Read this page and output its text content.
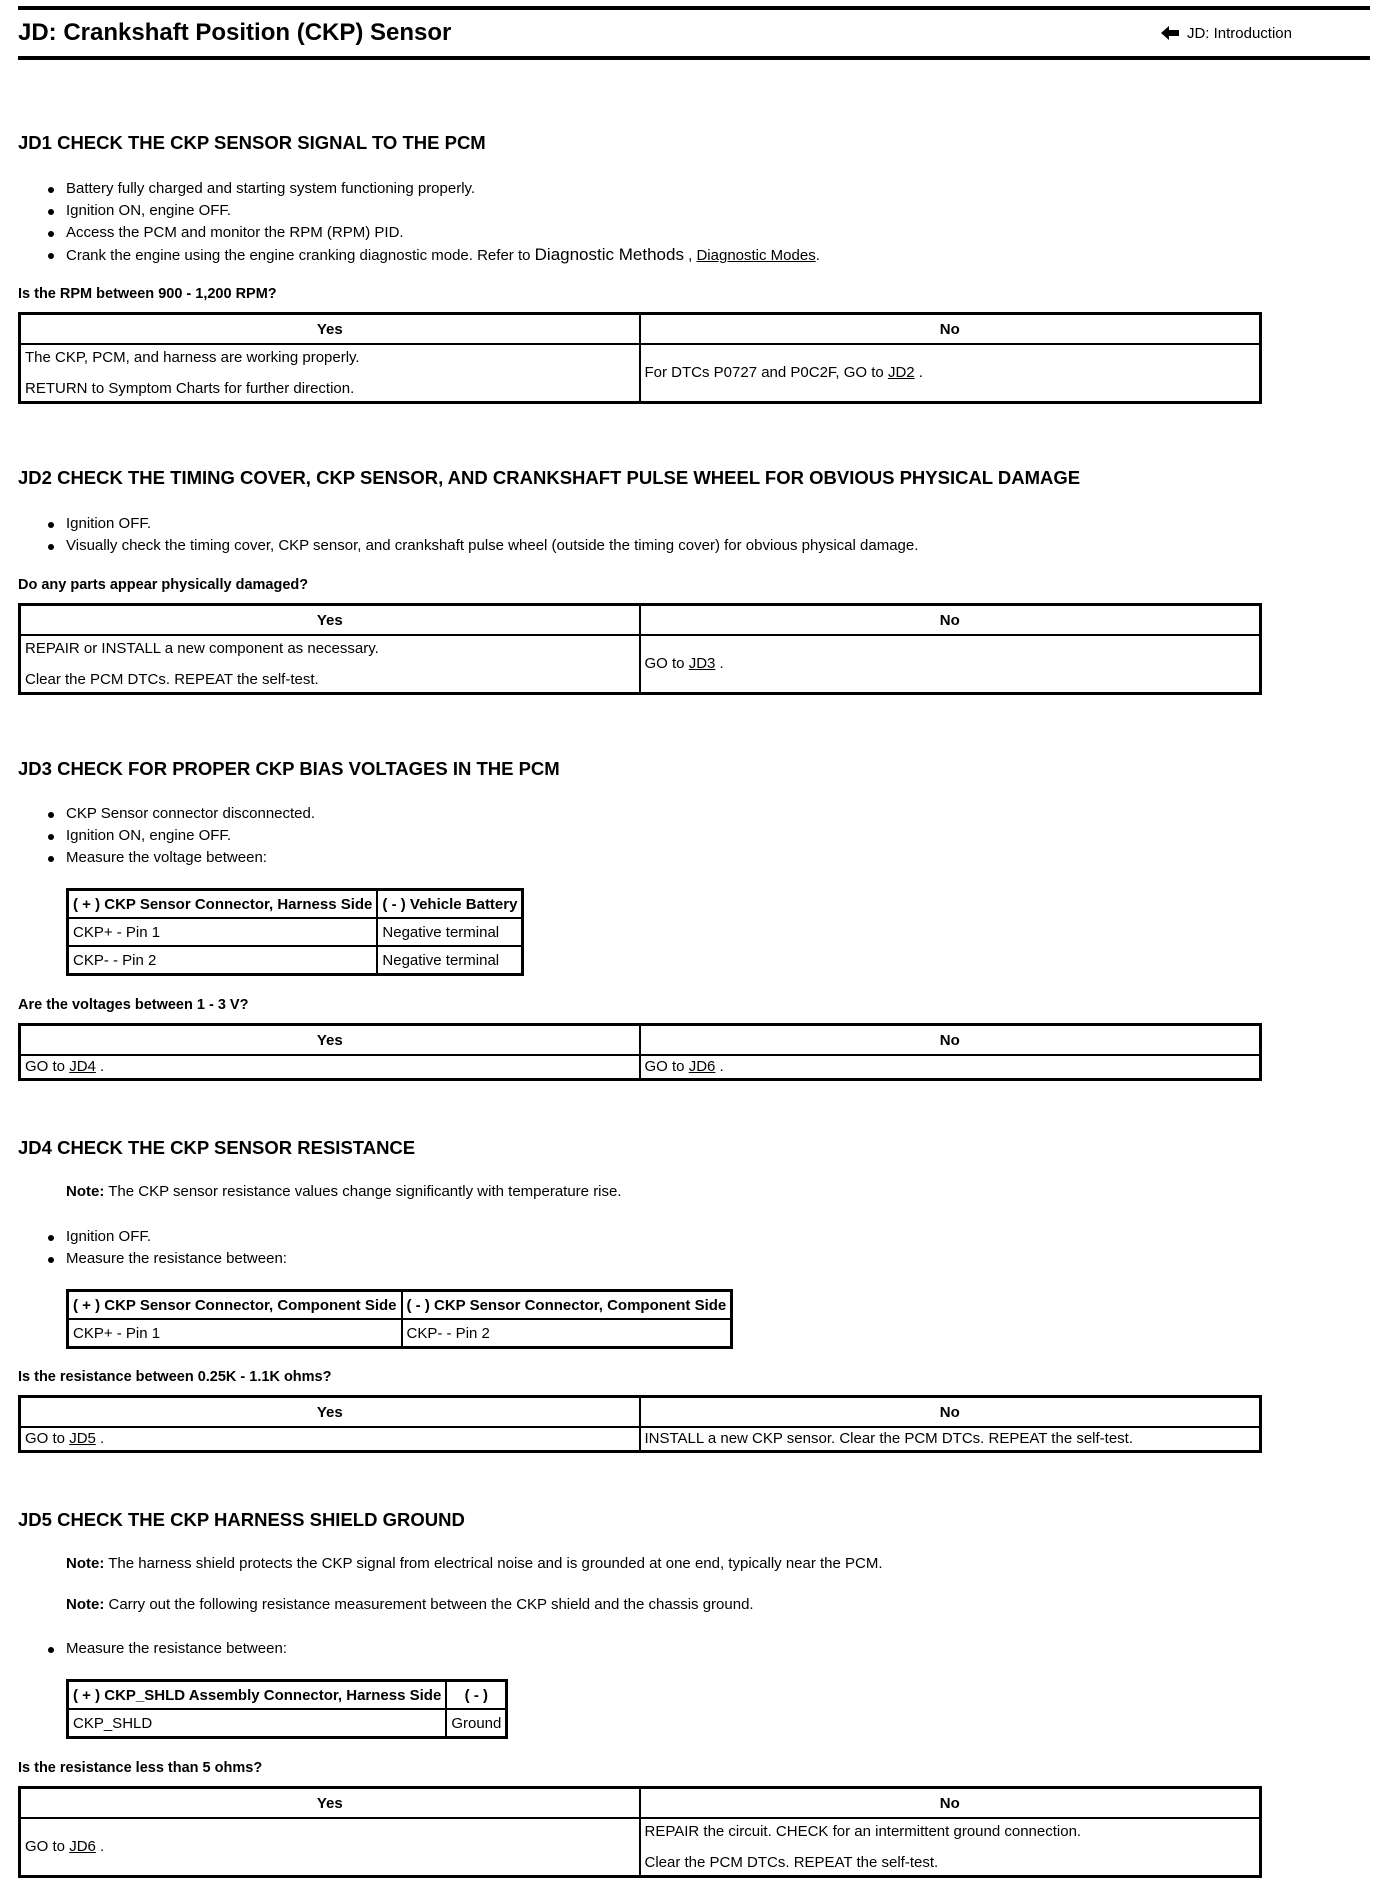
JD: Crankshaft Position (CKP) Sensor	JD: Introduction
JD1 CHECK THE CKP SENSOR SIGNAL TO THE PCM
Battery fully charged and starting system functioning properly.
Ignition ON, engine OFF.
Access the PCM and monitor the RPM (RPM) PID.
Crank the engine using the engine cranking diagnostic mode. Refer to Diagnostic Methods , Diagnostic Modes.
Is the RPM between 900 - 1,200 RPM?
Yes	No

The CKP, PCM, and harness are working properly.
RETURN to Symptom Charts for further direction.	For DTCs P0727 and P0C2F, GO to JD2 .
JD2 CHECK THE TIMING COVER, CKP SENSOR, AND CRANKSHAFT PULSE WHEEL FOR OBVIOUS PHYSICAL DAMAGE
Ignition OFF.
Visually check the timing cover, CKP sensor, and crankshaft pulse wheel (outside the timing cover) for obvious physical damage.
Do any parts appear physically damaged?
Yes	No

REPAIR or INSTALL a new component as necessary.
Clear the PCM DTCs. REPEAT the self-test.	GO to JD3 .
JD3 CHECK FOR PROPER CKP BIAS VOLTAGES IN THE PCM
CKP Sensor connector disconnected.
Ignition ON, engine OFF.
Measure the voltage between:
( + ) CKP Sensor Connector, Harness Side	( - ) Vehicle Battery
CKP+ - Pin 1	Negative terminal
CKP- - Pin 2	Negative terminal
Are the voltages between 1 - 3 V?
Yes	No
GO to JD4 .	GO to JD6 .
JD4 CHECK THE CKP SENSOR RESISTANCE
Note: The CKP sensor resistance values change significantly with temperature rise.
Ignition OFF.
Measure the resistance between:
( + ) CKP Sensor Connector, Component Side	( - ) CKP Sensor Connector, Component Side
CKP+ - Pin 1	CKP- - Pin 2
Is the resistance between 0.25K - 1.1K ohms?
Yes	No
GO to JD5 .	INSTALL a new CKP sensor. Clear the PCM DTCs. REPEAT the self-test.
JD5 CHECK THE CKP HARNESS SHIELD GROUND
Note: The harness shield protects the CKP signal from electrical noise and is grounded at one end, typically near the PCM.
Note: Carry out the following resistance measurement between the CKP shield and the chassis ground.
Measure the resistance between:
( + ) CKP_SHLD Assembly Connector, Harness Side	( - )
CKP_SHLD	Ground
Is the resistance less than 5 ohms?
Yes	No
GO to JD6 .	REPAIR the circuit. CHECK for an intermittent ground connection.
Clear the PCM DTCs. REPEAT the self-test.
